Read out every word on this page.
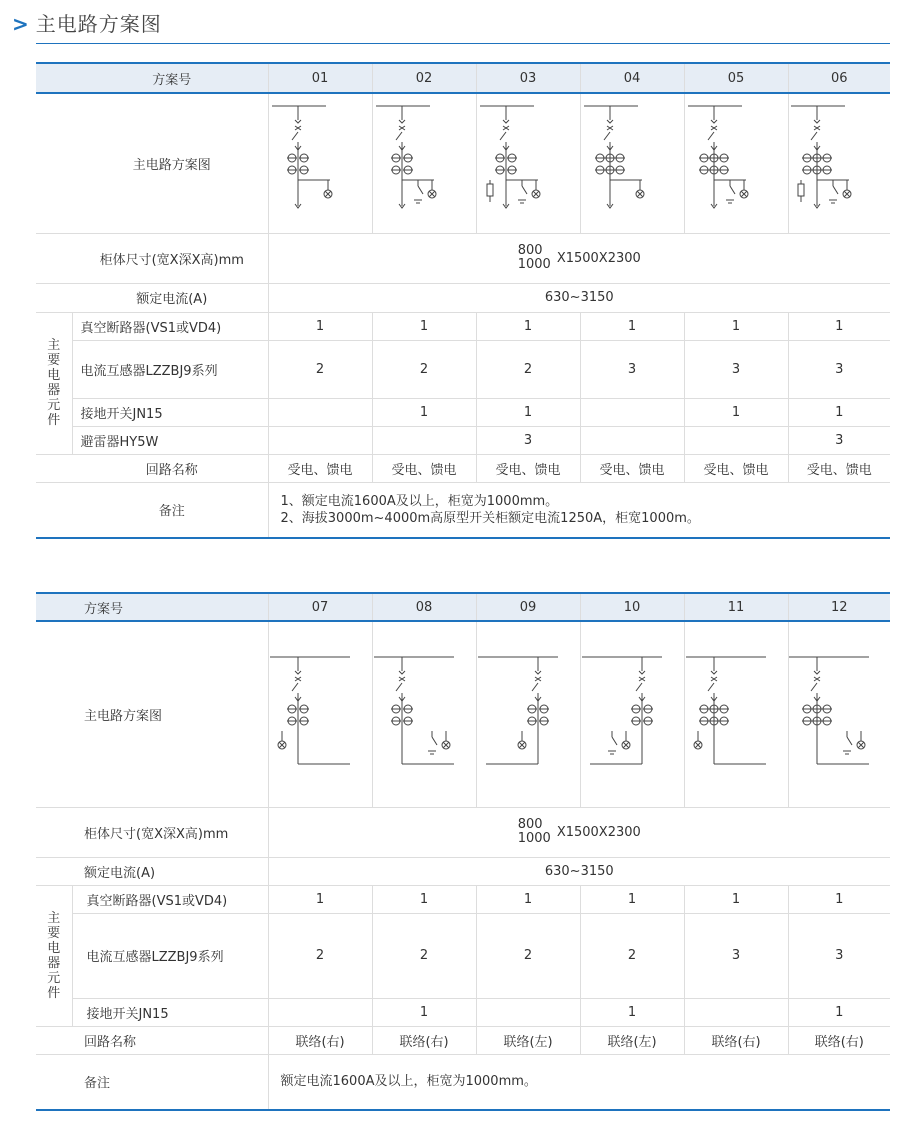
> 主电路方案图
方案号		01	02	03	04	05	06
主电路方案图	

柜体尺寸(宽X深X高)mm		800
1000 X1500X2300					
额定电流(A)		630~3150					

主要电器元件	真空断路器(VS1或VD4)	1	1	1	1	1	1
	电流互感器LZZBJ9系列	2	2	2	3	3	3
	接地开关JN15		1	1		1	1
	避雷器HY5W			3			3
回路名称		受电、馈电	受电、馈电	受电、馈电	受电、馈电	受电、馈电	受电、馈电
备注		1、额定电流1600A及以上，柜宽为1000mm。
2、海拔3000m~4000m高原型开关柜额定电流1250A，柜宽1000m。					
方案号		07	08	09	10	11	12
主电路方案图	

柜体尺寸(宽X深X高)mm		800
1000 X1500X2300					
额定电流(A)		630~3150					

主要电器元件	真空断路器(VS1或VD4)	1	1	1	1	1	1
	电流互感器LZZBJ9系列	2	2	2	2	3	3
	接地开关JN15		1		1		1
回路名称		联络(右)	联络(右)	联络(左)	联络(左)	联络(右)	联络(右)
备注		额定电流1600A及以上，柜宽为1000mm。					
